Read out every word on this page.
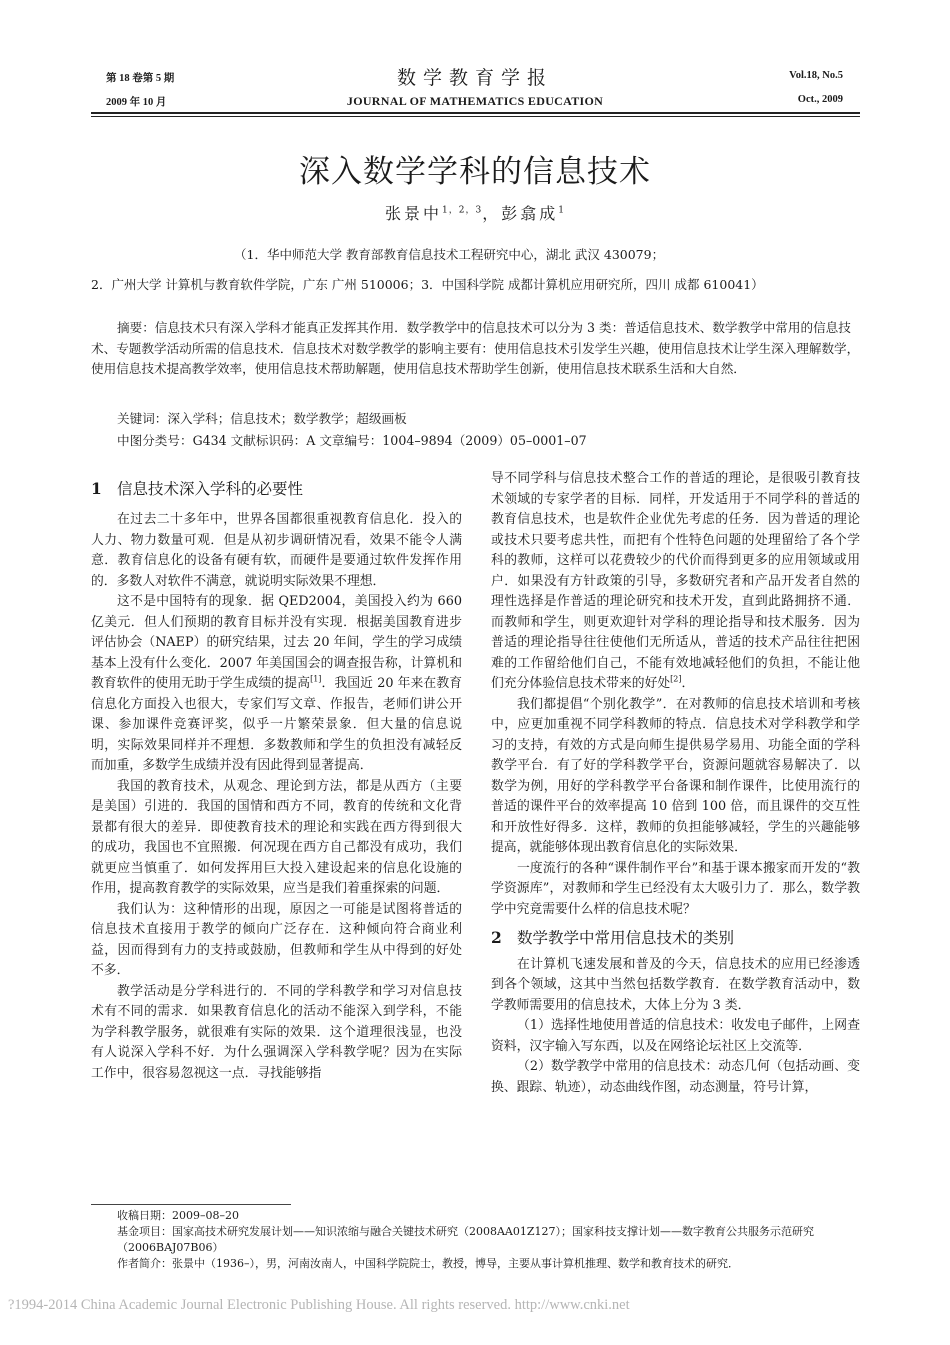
第 18 卷第 5 期
2009 年 10 月
数学教育学报
JOURNAL OF MATHEMATICS EDUCATION
Vol.18, No.5
Oct., 2009
深入数学学科的信息技术
张景中$^{1,2,3}$，彭翕成$^1$
（1．华中师范大学 教育部教育信息技术工程研究中心，湖北 武汉 430079；
2．广州大学 计算机与教育软件学院，广东 广州 510006；3．中国科学院 成都计算机应用研究所，四川 成都 610041）

摘要：信息技术只有深入学科才能真正发挥其作用．数学教学中的信息技术可以分为 3 类：普适信息技术、数学教学中常用的信息技术、专题教学活动所需的信息技术．信息技术对数学教学的影响主要有：使用信息技术引发学生兴趣，使用信息技术让学生深入理解数学，使用信息技术提高教学效率，使用信息技术帮助解题，使用信息技术帮助学生创新，使用信息技术联系生活和大自然．

关键词：深入学科；信息技术；数学教学；超级画板
中图分类号：G434 文献标识码：A 文章编号：1004–9894（2009）05–0001–07
1 信息技术深入学科的必要性

在过去二十多年中，世界各国都很重视教育信息化．投入的人力、物力数量可观．但是从初步调研情况看，效果不能令人满意．教育信息化的设备有硬有软，而硬件是要通过软件发挥作用的．多数人对软件不满意，就说明实际效果不理想．

这不是中国特有的现象．据 QED2004，美国投入约为 660 亿美元．但人们预期的教育目标并没有实现．根据美国教育进步评估协会（NAEP）的研究结果，过去 20 年间，学生的学习成绩基本上没有什么变化．2007 年美国国会的调查报告称，计算机和教育软件的使用无助于学生成绩的提高[1]．我国近 20 年来在教育信息化方面投入也很大，专家们写文章、作报告，老师们讲公开课、参加课件竞赛评奖，似乎一片繁荣景象．但大量的信息说明，实际效果同样并不理想．多数教师和学生的负担没有减轻反而加重，多数学生成绩并没有因此得到显著提高．

我国的教育技术，从观念、理论到方法，都是从西方（主要是美国）引进的．我国的国情和西方不同，教育的传统和文化背景都有很大的差异．即使教育技术的理论和实践在西方得到很大的成功，我国也不宜照搬．何况现在西方自己都没有成功，我们就更应当慎重了．如何发挥用巨大投入建设起来的信息化设施的作用，提高教育教学的实际效果，应当是我们着重探索的问题．

我们认为：这种情形的出现，原因之一可能是试图将普适的信息技术直接用于教学的倾向广泛存在．这种倾向符合商业利益，因而得到有力的支持或鼓励，但教师和学生从中得到的好处不多．

教学活动是分学科进行的．不同的学科教学和学习对信息技术有不同的需求．如果教育信息化的活动不能深入到学科，不能为学科教学服务，就很难有实际的效果．这个道理很浅显，也没有人说深入学科不好．为什么强调深入学科教学呢？因为在实际工作中，很容易忽视这一点．寻找能够指

导不同学科与信息技术整合工作的普适的理论，是很吸引教育技术领域的专家学者的目标．同样，开发适用于不同学科的普适的教育信息技术，也是软件企业优先考虑的任务．因为普适的理论或技术只要考虑共性，而把有个性特色问题的处理留给了各个学科的教师，这样可以花费较少的代价而得到更多的应用领域或用户．如果没有方针政策的引导，多数研究者和产品开发者自然的理性选择是作普适的理论研究和技术开发，直到此路拥挤不通．而教师和学生，则更欢迎针对学科的理论指导和技术服务．因为普适的理论指导往往使他们无所适从，普适的技术产品往往把困难的工作留给他们自己，不能有效地减轻他们的负担，不能让他们充分体验信息技术带来的好处[2]．

我们都提倡“个别化教学”．在对教师的信息技术培训和考核中，应更加重视不同学科教师的特点．信息技术对学科教学和学习的支持，有效的方式是向师生提供易学易用、功能全面的学科教学平台．有了好的学科教学平台，资源问题就容易解决了．以数学为例，用好的学科教学平台备课和制作课件，比使用流行的普适的课件平台的效率提高 10 倍到 100 倍，而且课件的交互性和开放性好得多．这样，教师的负担能够减轻，学生的兴趣能够提高，就能够体现出教育信息化的实际效果．

一度流行的各种“课件制作平台”和基于课本搬家而开发的“教学资源库”，对教师和学生已经没有太大吸引力了．那么，数学教学中究竟需要什么样的信息技术呢？

2 数学教学中常用信息技术的类别

在计算机飞速发展和普及的今天，信息技术的应用已经渗透到各个领域，这其中当然包括数学教育．在数学教育活动中，数学教师需要用的信息技术，大体上分为 3 类．

（1）选择性地使用普适的信息技术：收发电子邮件，上网查资料，汉字输入写东西，以及在网络论坛社区上交流等．

（2）数学教学中常用的信息技术：动态几何（包括动画、变换、跟踪、轨迹），动态曲线作图，动态测量，符号计算，

收稿日期：2009–08–20

基金项目：国家高技术研究发展计划——知识浓缩与融合关键技术研究（2008AA01Z127）；国家科技支撑计划——数字教育公共服务示范研究（2006BAJ07B06）

作者简介：张景中（1936–），男，河南汝南人，中国科学院院士，教授，博导，主要从事计算机推理、数学和教育技术的研究．

?1994-2014 China Academic Journal Electronic Publishing House. All rights reserved. http://www.cnki.net
